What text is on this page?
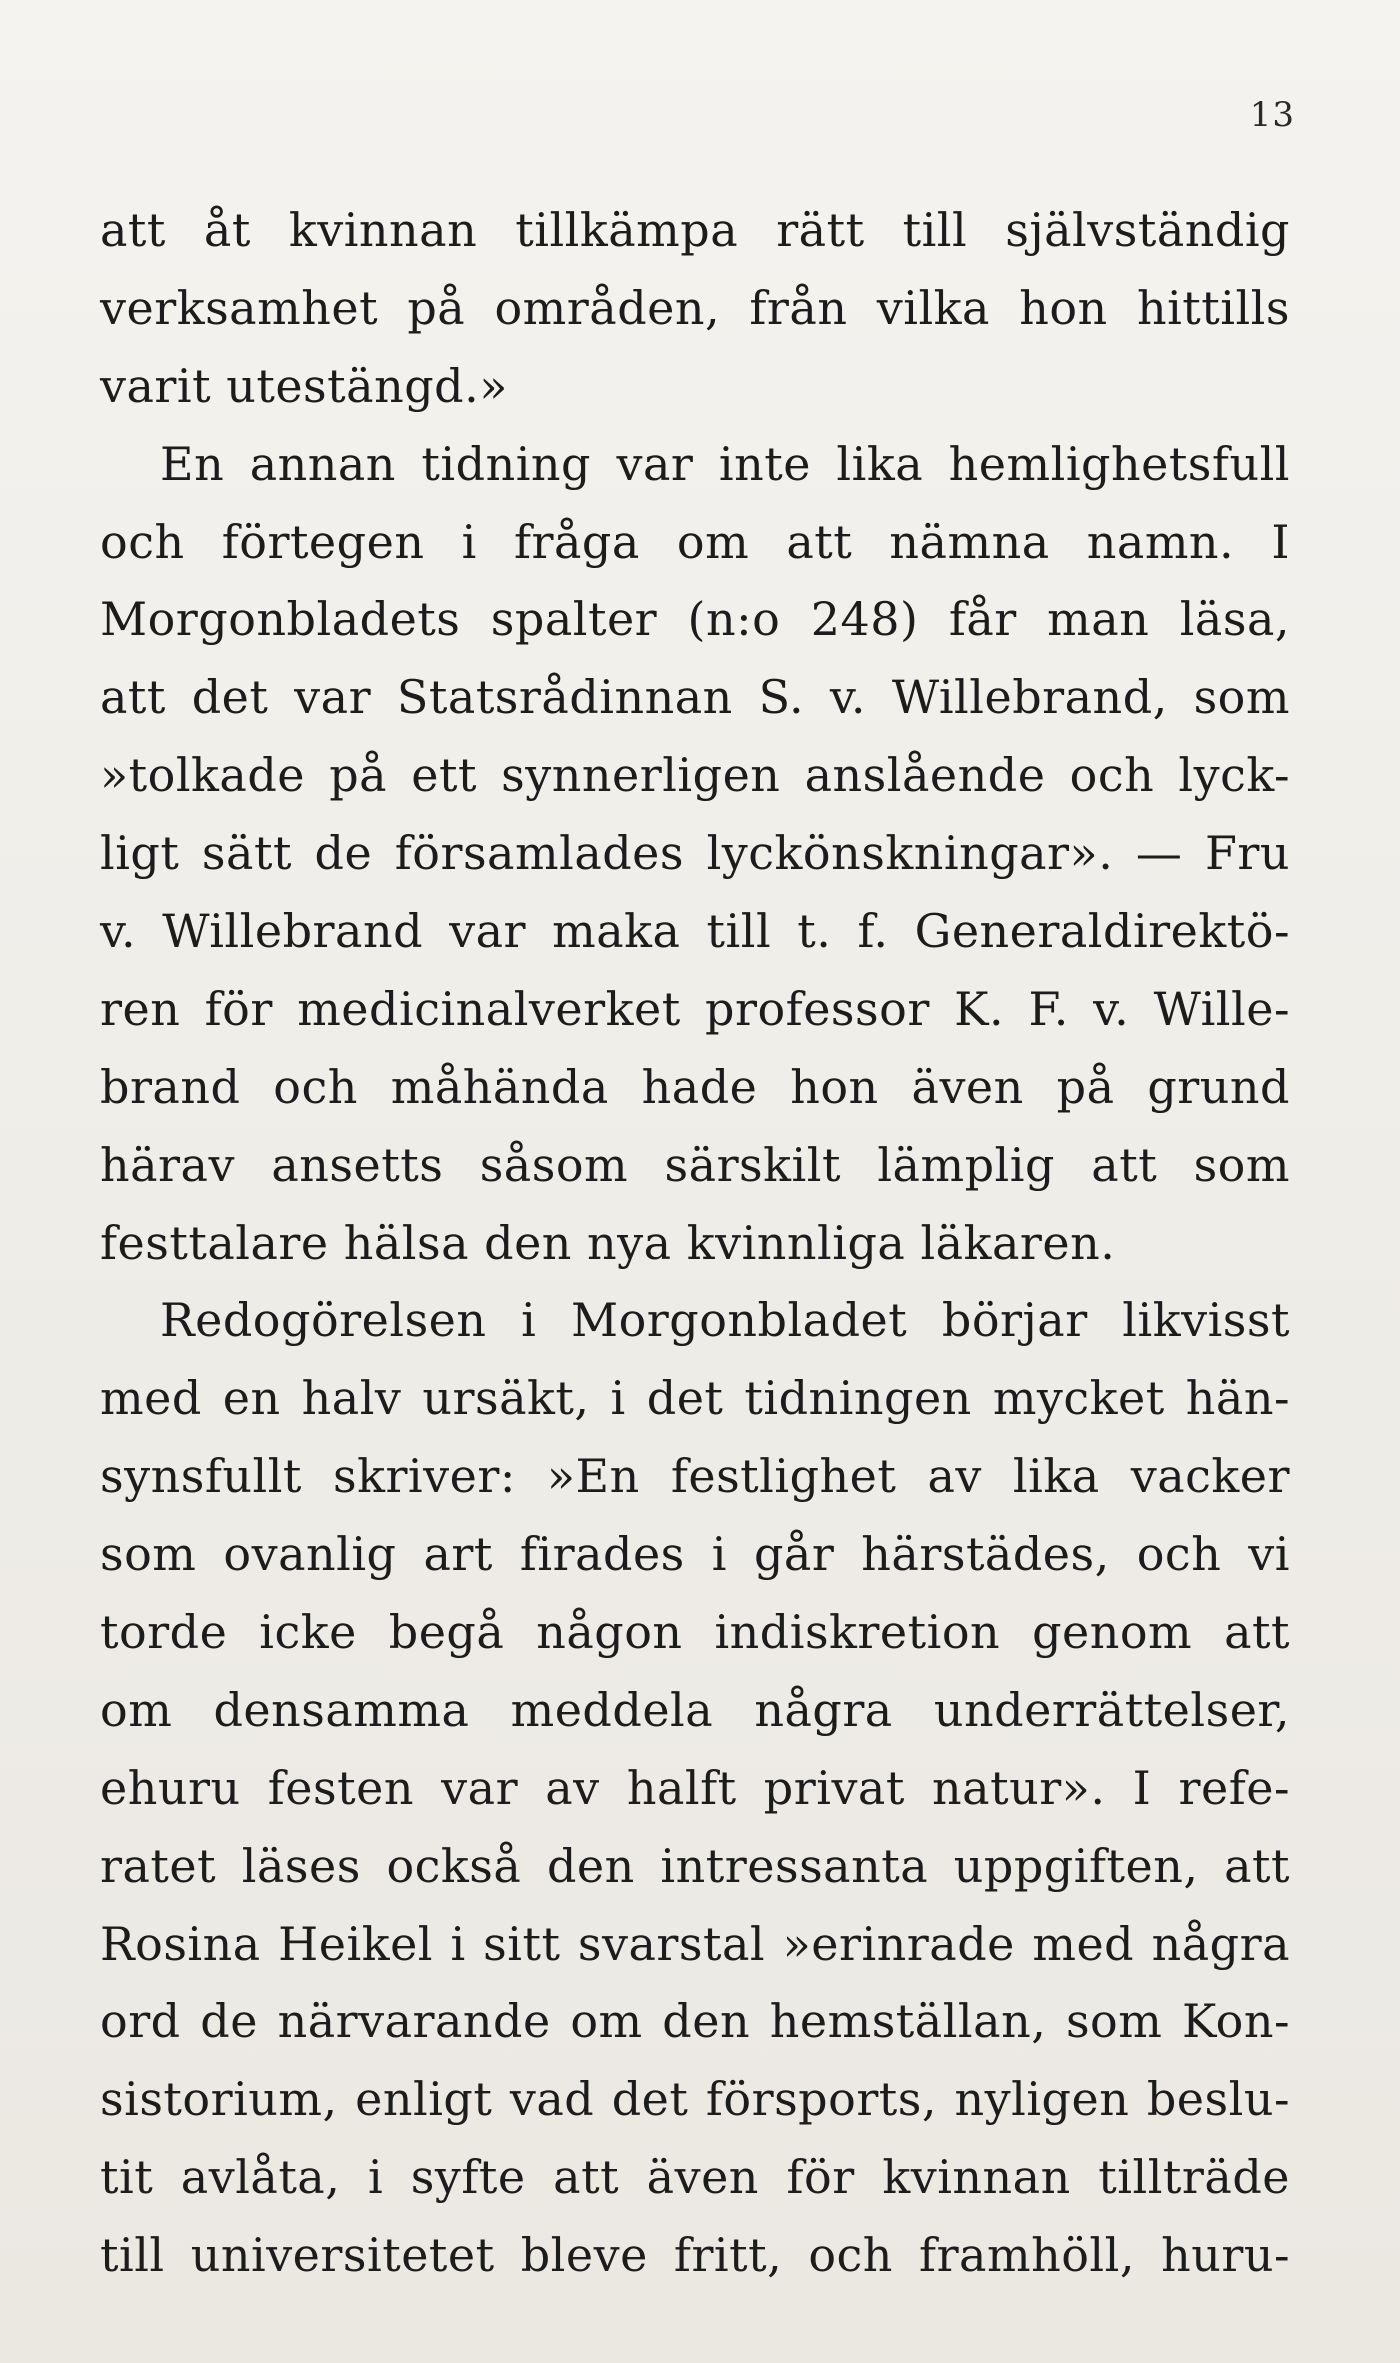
13
att åt kvinnan tillkämpa rätt till självständig
verksamhet på områden, från vilka hon hittills
varit utestängd.»
En annan tidning var inte lika hemlighetsfull
och förtegen i fråga om att nämna namn. I
Morgonbladets spalter (n:o 248) får man läsa,
att det var Statsrådinnan S. v. Willebrand, som
»tolkade på ett synnerligen anslående och lyck-
ligt sätt de församlades lyckönskningar». — Fru
v. Willebrand var maka till t. f. Generaldirektö-
ren för medicinalverket professor K. F. v. Wille-
brand och måhända hade hon även på grund
härav ansetts såsom särskilt lämplig att som
festtalare hälsa den nya kvinnliga läkaren.
Redogörelsen i Morgonbladet börjar likvisst
med en halv ursäkt, i det tidningen mycket hän-
synsfullt skriver: »En festlighet av lika vacker
som ovanlig art firades i går härstädes, och vi
torde icke begå någon indiskretion genom att
om densamma meddela några underrättelser,
ehuru festen var av halft privat natur». I refe-
ratet läses också den intressanta uppgiften, att
Rosina Heikel i sitt svarstal »erinrade med några
ord de närvarande om den hemställan, som Kon-
sistorium, enligt vad det försports, nyligen beslu-
tit avlåta, i syfte att även för kvinnan tillträde
till universitetet bleve fritt, och framhöll, huru-
